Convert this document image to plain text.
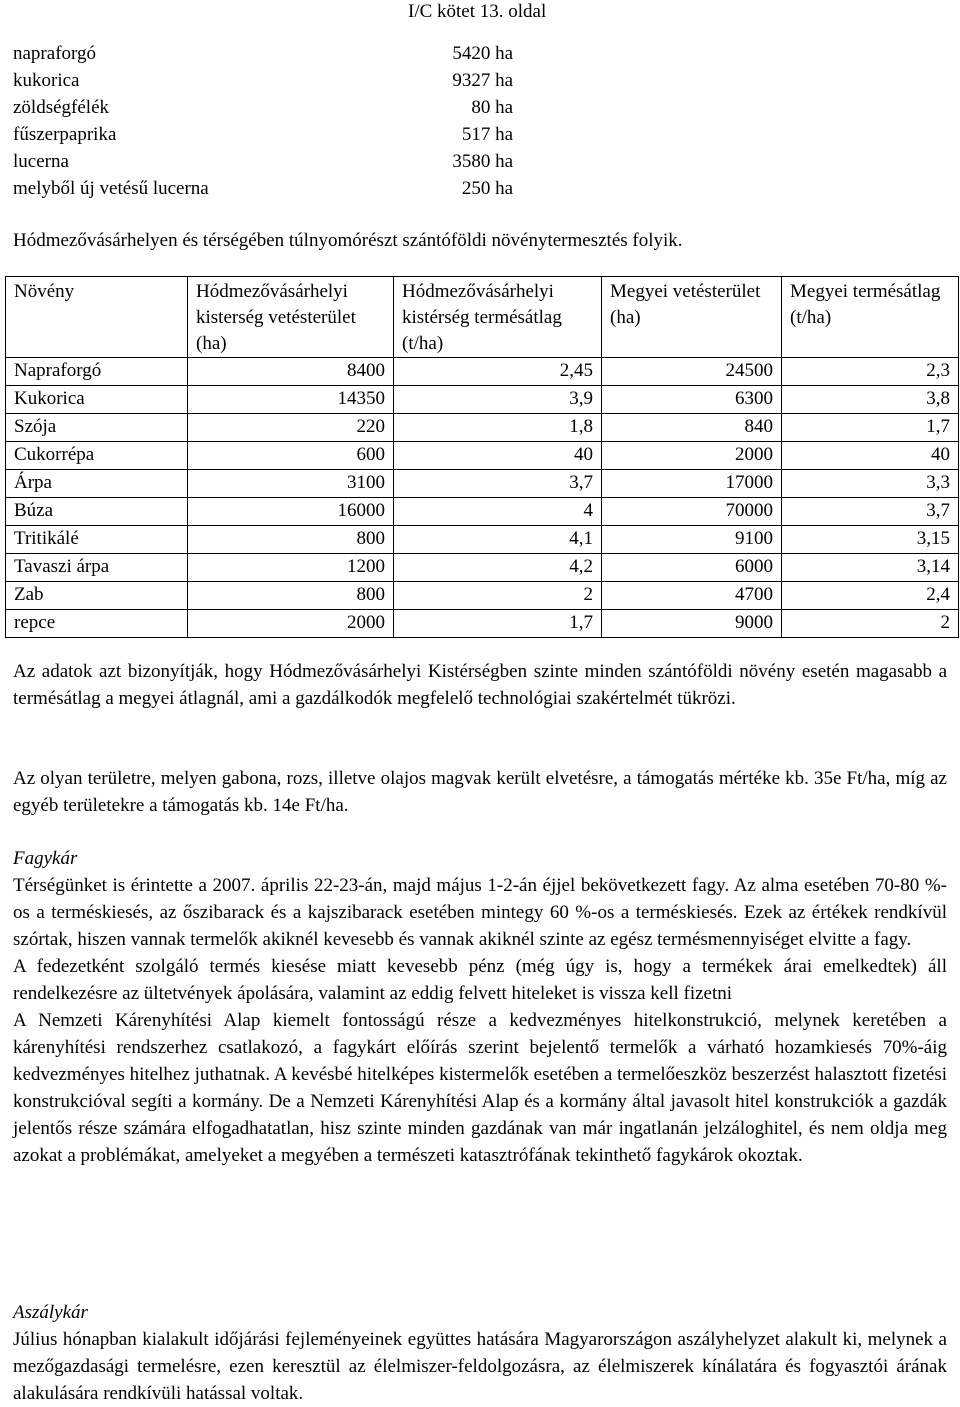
I/C kötet 13. oldal
napraforgó	5420 ha
kukorica	9327 ha
zöldségfélék	80 ha
fűszerpaprika	517 ha
lucerna	3580 ha
melyből új vetésű lucerna	250 ha
Hódmezővásárhelyen és térségében túlnyomórészt szántóföldi növénytermesztés folyik.
Növény	Hódmezővásárhelyi kisterség vetésterület (ha)	Hódmezővásárhelyi kistérség termésátlag (t/ha)	Megyei vetésterület (ha)	Megyei termésátlag (t/ha)
Napraforgó	8400	2,45	24500	2,3
Kukorica	14350	3,9	6300	3,8
Szója	220	1,8	840	1,7
Cukorrépa	600	40	2000	40
Árpa	3100	3,7	17000	3,3
Búza	16000	4	70000	3,7
Tritikálé	800	4,1	9100	3,15
Tavaszi árpa	1200	4,2	6000	3,14
Zab	800	2	4700	2,4
repce	2000	1,7	9000	2

Az adatok azt bizonyítják, hogy Hódmezővásárhelyi Kistérségben szinte minden szántóföldi növény esetén magasabb a termésátlag a megyei átlagnál, ami a gazdálkodók megfelelő technológiai szakértelmét tükrözi.

Az olyan területre, melyen gabona, rozs, illetve olajos magvak került elvetésre, a támogatás mértéke kb. 35e Ft/ha, míg az egyéb területekre a támogatás kb. 14e Ft/ha.

Fagykár

Térségünket is érintette a 2007. április 22-23-án, majd május 1-2-án éjjel bekövetkezett fagy. Az alma esetében 70-80 %-os a terméskiesés, az őszibarack és a kajszibarack esetében mintegy 60 %-os a terméskiesés. Ezek az értékek rendkívül szórtak, hiszen vannak termelők akiknél kevesebb és vannak akiknél szinte az egész termésmennyiséget elvitte a fagy.

A fedezetként szolgáló termés kiesése miatt kevesebb pénz (még úgy is, hogy a termékek árai emelkedtek) áll rendelkezésre az ültetvények ápolására, valamint az eddig felvett hiteleket is vissza kell fizetni

A Nemzeti Kárenyhítési Alap kiemelt fontosságú része a kedvezményes hitelkonstrukció, melynek keretében a kárenyhítési rendszerhez csatlakozó, a fagykárt előírás szerint bejelentő termelők a várható hozamkiesés 70%-áig kedvezményes hitelhez juthatnak. A kevésbé hitelképes kistermelők esetében a termelőeszköz beszerzést halasztott fizetési konstrukcióval segíti a kormány. De a Nemzeti Kárenyhítési Alap és a kormány által javasolt hitel konstrukciók a gazdák jelentős része számára elfogadhatatlan, hisz szinte minden gazdának van már ingatlanán jelzáloghitel, és nem oldja meg azokat a problémákat, amelyeket a megyében a természeti katasztrófának tekinthető fagykárok okoztak.

Aszálykár

Július hónapban kialakult időjárási fejleményeinek együttes hatására Magyarországon aszályhelyzet alakult ki, melynek a mezőgazdasági termelésre, ezen keresztül az élelmiszer-feldolgozásra, az élelmiszerek kínálatára és fogyasztói árának alakulására rendkívüli hatással voltak.
